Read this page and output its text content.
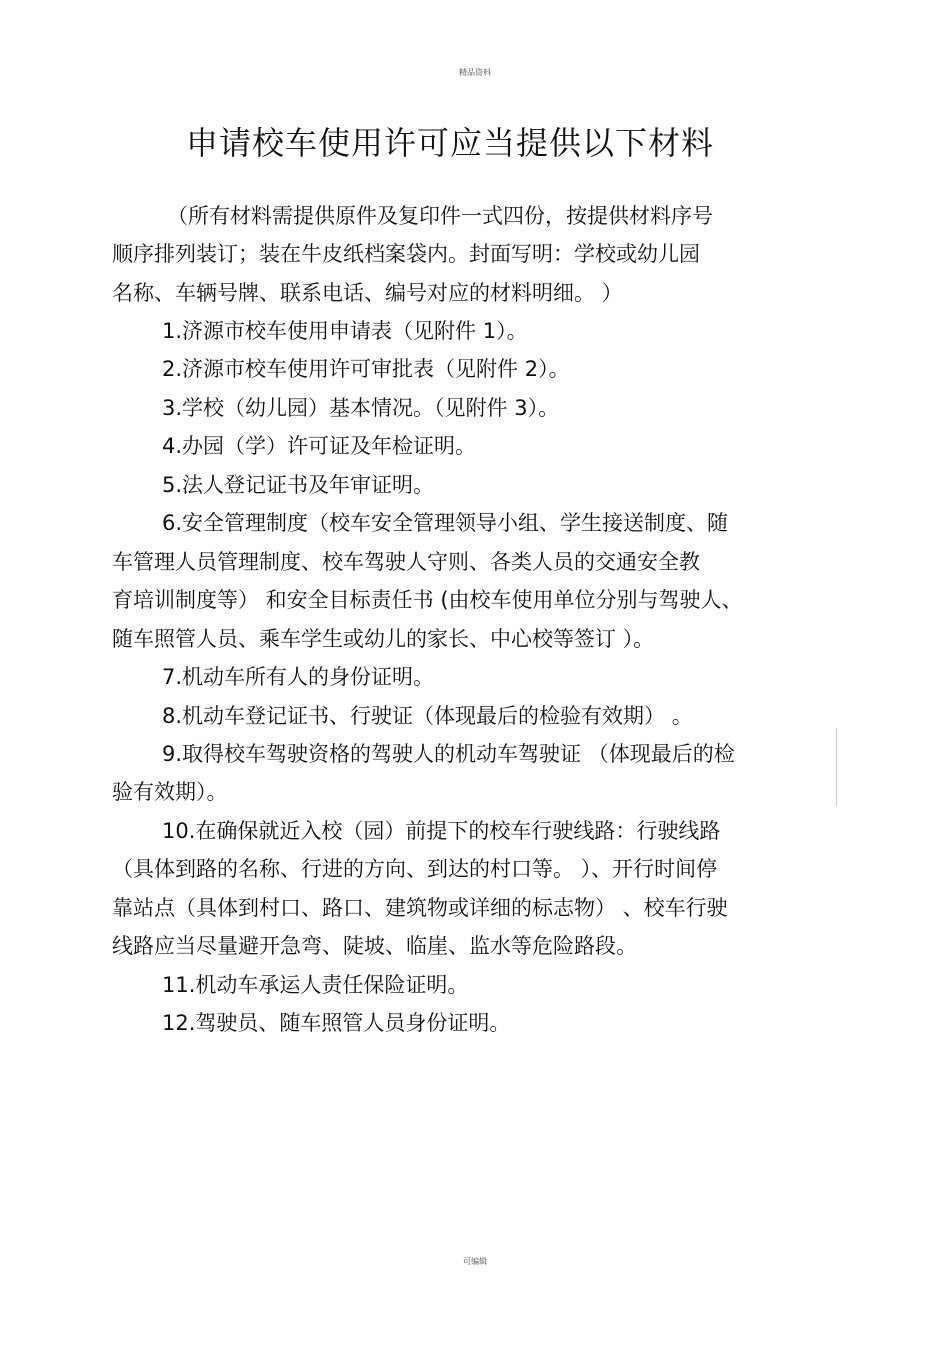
精品资料
申请校车使用许可应当提供以下材料
（所有材料需提供原件及复印件一式四份，按提供材料序号
顺序排列装订；装在牛皮纸档案袋内。封面写明：学校或幼儿园
名称、车辆号牌、联系电话、编号对应的材料明细。 ）
1.济源市校车使用申请表（见附件 1）。
2.济源市校车使用许可审批表（见附件 2）。
3.学校（幼儿园）基本情况。（见附件 3）。
4.办园（学）许可证及年检证明。
5.法人登记证书及年审证明。
6.安全管理制度（校车安全管理领导小组、学生接送制度、随
车管理人员管理制度、校车驾驶人守则、各类人员的交通安全教
育培训制度等） 和安全目标责任书 (由校车使用单位分别与驾驶人、
随车照管人员、乘车学生或幼儿的家长、中心校等签订 ）。
7.机动车所有人的身份证明。
8.机动车登记证书、行驶证（体现最后的检验有效期） 。
9.取得校车驾驶资格的驾驶人的机动车驾驶证 （体现最后的检
验有效期）。
10.在确保就近入校（园）前提下的校车行驶线路：行驶线路
（具体到路的名称、行进的方向、到达的村口等。 ）、开行时间停
靠站点（具体到村口、路口、建筑物或详细的标志物） 、校车行驶
线路应当尽量避开急弯、陡坡、临崖、监水等危险路段。
11.机动车承运人责任保险证明。
12.驾驶员、随车照管人员身份证明。
可编辑
